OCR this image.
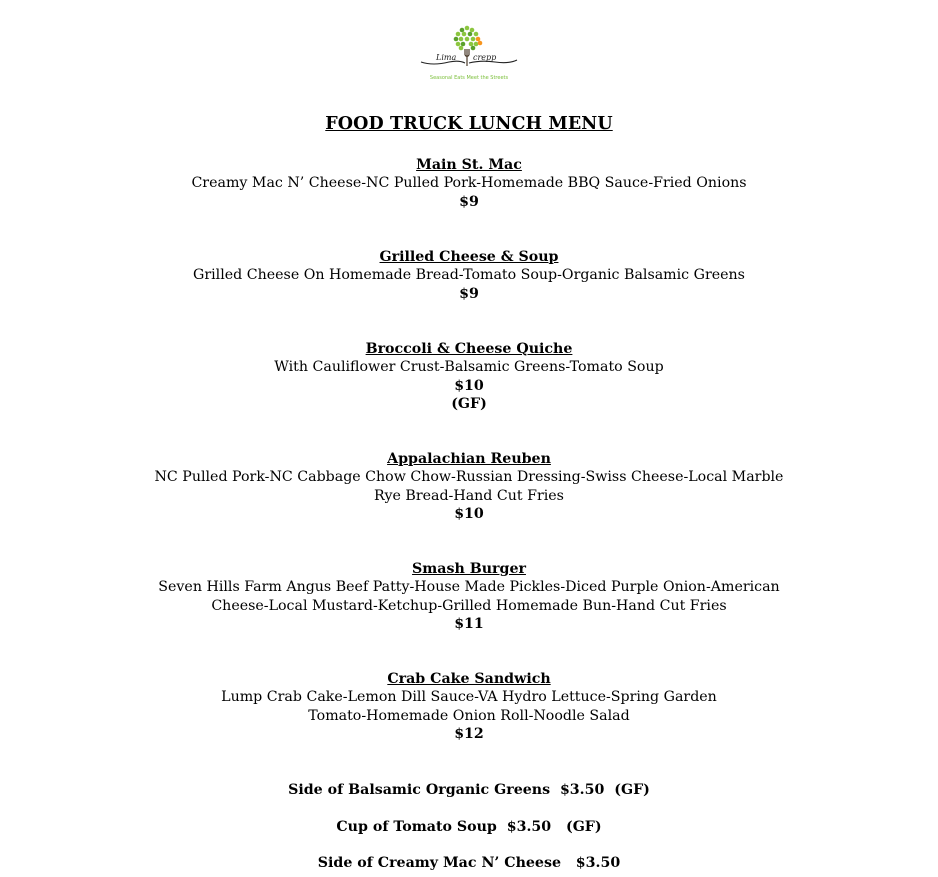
Lima crepp
Seasonal Eats Meet the Streets
FOOD TRUCK LUNCH MENU
Main St. Mac
Creamy Mac N’ Cheese-NC Pulled Pork-Homemade BBQ Sauce-Fried Onions
$9
Grilled Cheese & Soup
Grilled Cheese On Homemade Bread-Tomato Soup-Organic Balsamic Greens
$9
Broccoli & Cheese Quiche
With Cauliflower Crust-Balsamic Greens-Tomato Soup
$10
(GF)
Appalachian Reuben
NC Pulled Pork-NC Cabbage Chow Chow-Russian Dressing-Swiss Cheese-Local Marble
Rye Bread-Hand Cut Fries
$10
Smash Burger
Seven Hills Farm Angus Beef Patty-House Made Pickles-Diced Purple Onion-American
Cheese-Local Mustard-Ketchup-Grilled Homemade Bun-Hand Cut Fries
$11
Crab Cake Sandwich
Lump Crab Cake-Lemon Dill Sauce-VA Hydro Lettuce-Spring Garden
Tomato-Homemade Onion Roll-Noodle Salad
$12
Side of Balsamic Organic Greens  $3.50  (GF)
Cup of Tomato Soup  $3.50   (GF)
Side of Creamy Mac N’ Cheese   $3.50
